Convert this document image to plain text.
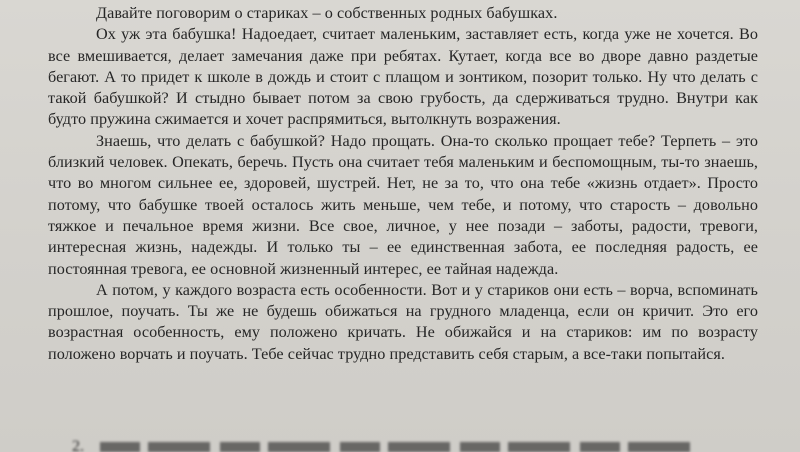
Давайте поговорим о стариках – о собственных родных бабушках.

Ох уж эта бабушка! Надоедает, считает маленьким, заставляет есть, когда уже не хочется. Во все вмешивается, делает замечания даже при ребятах. Кутает, когда все во дворе давно раздетые бегают. А то придет к школе в дождь и стоит с плащом и зонтиком, позорит только. Ну что делать с такой бабушкой? И стыдно бывает потом за свою грубость, да сдерживаться трудно. Внутри как будто пружина сжимается и хочет распрямиться, вытолкнуть возражения.

Знаешь, что делать с бабушкой? Надо прощать. Она-то сколько прощает тебе? Терпеть – это близкий человек. Опекать, беречь. Пусть она считает тебя маленьким и беспомощным, ты-то знаешь, что во многом сильнее ее, здоровей, шустрей. Нет, не за то, что она тебе «жизнь отдает». Просто потому, что бабушке твоей осталось жить меньше, чем тебе, и потому, что старость – довольно тяжкое и печальное время жизни. Все свое, личное, у нее позади – заботы, радости, тревоги, интересная жизнь, надежды. И только ты – ее единственная забота, ее последняя радость, ее постоянная тревога, ее основной жизненный интерес, ее тайная надежда.

А потом, у каждого возраста есть особенности. Вот и у стариков они есть – ворча, вспоминать прошлое, поучать. Ты же не будешь обижаться на грудного младенца, если он кричит. Это его возрастная особенность, ему положено кричать. Не обижайся и на стариков: им по возрасту положено ворчать и поучать. Тебе сейчас трудно представить себя старым, а все-таки попытайся.

2.
